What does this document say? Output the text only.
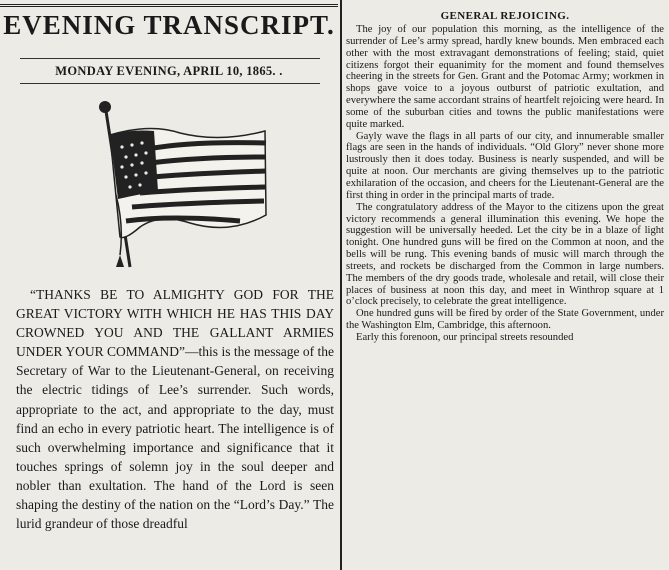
EVENING TRANSCRIPT.
MONDAY EVENING, APRIL 10, 1865. .
“THANKS BE TO ALMIGHTY GOD FOR THE GREAT VICTORY WITH WHICH HE HAS THIS DAY CROWNED YOU AND THE GALLANT ARMIES UNDER YOUR COMMAND”—this is the message of the Secretary of War to the Lieutenant-General, on receiving the electric tidings of Lee’s surrender. Such words, appropriate to the act, and appropriate to the day, must find an echo in every patriotic heart. The intelligence is of such overwhelming importance and significance that it touches springs of solemn joy in the soul deeper and nobler than exultation. The hand of the Lord is seen shaping the destiny of the nation on the “Lord’s Day.” The lurid grandeur of those dreadful
GENERAL REJOICING.

The joy of our population this morning, as the intelligence of the surrender of Lee’s army spread, hardly knew bounds. Men embraced each other with the most extravagant demonstrations of feeling; staid, quiet citizens forgot their equanimity for the moment and found themselves cheering in the streets for Gen. Grant and the Potomac Army; workmen in shops gave voice to a joyous outburst of patriotic exultation, and everywhere the same accordant strains of heartfelt rejoicing were heard. In some of the suburban cities and towns the public manifestations were quite marked.

Gayly wave the flags in all parts of our city, and innumerable smaller flags are seen in the hands of individuals. “Old Glory” never shone more lustrously then it does today. Business is nearly suspended, and will be quite at noon. Our merchants are giving themselves up to the patriotic exhilaration of the occasion, and cheers for the Lieutenant-General are the first thing in order in the principal marts of trade.

The congratulatory address of the Mayor to the citizens upon the great victory recommends a general illumination this evening. We hope the suggestion will be universally heeded. Let the city be in a blaze of light tonight. One hundred guns will be fired on the Common at noon, and the bells will be rung. This evening bands of music will march through the streets, and rockets be discharged from the Common in large numbers. The members of the dry goods trade, wholesale and retail, will close their places of business at noon this day, and meet in Winthrop square at 1 o’clock precisely, to celebrate the great intelligence.

One hundred guns will be fired by order of the State Government, under the Washington Elm, Cambridge, this afternoon.

Early this forenoon, our principal streets resounded
